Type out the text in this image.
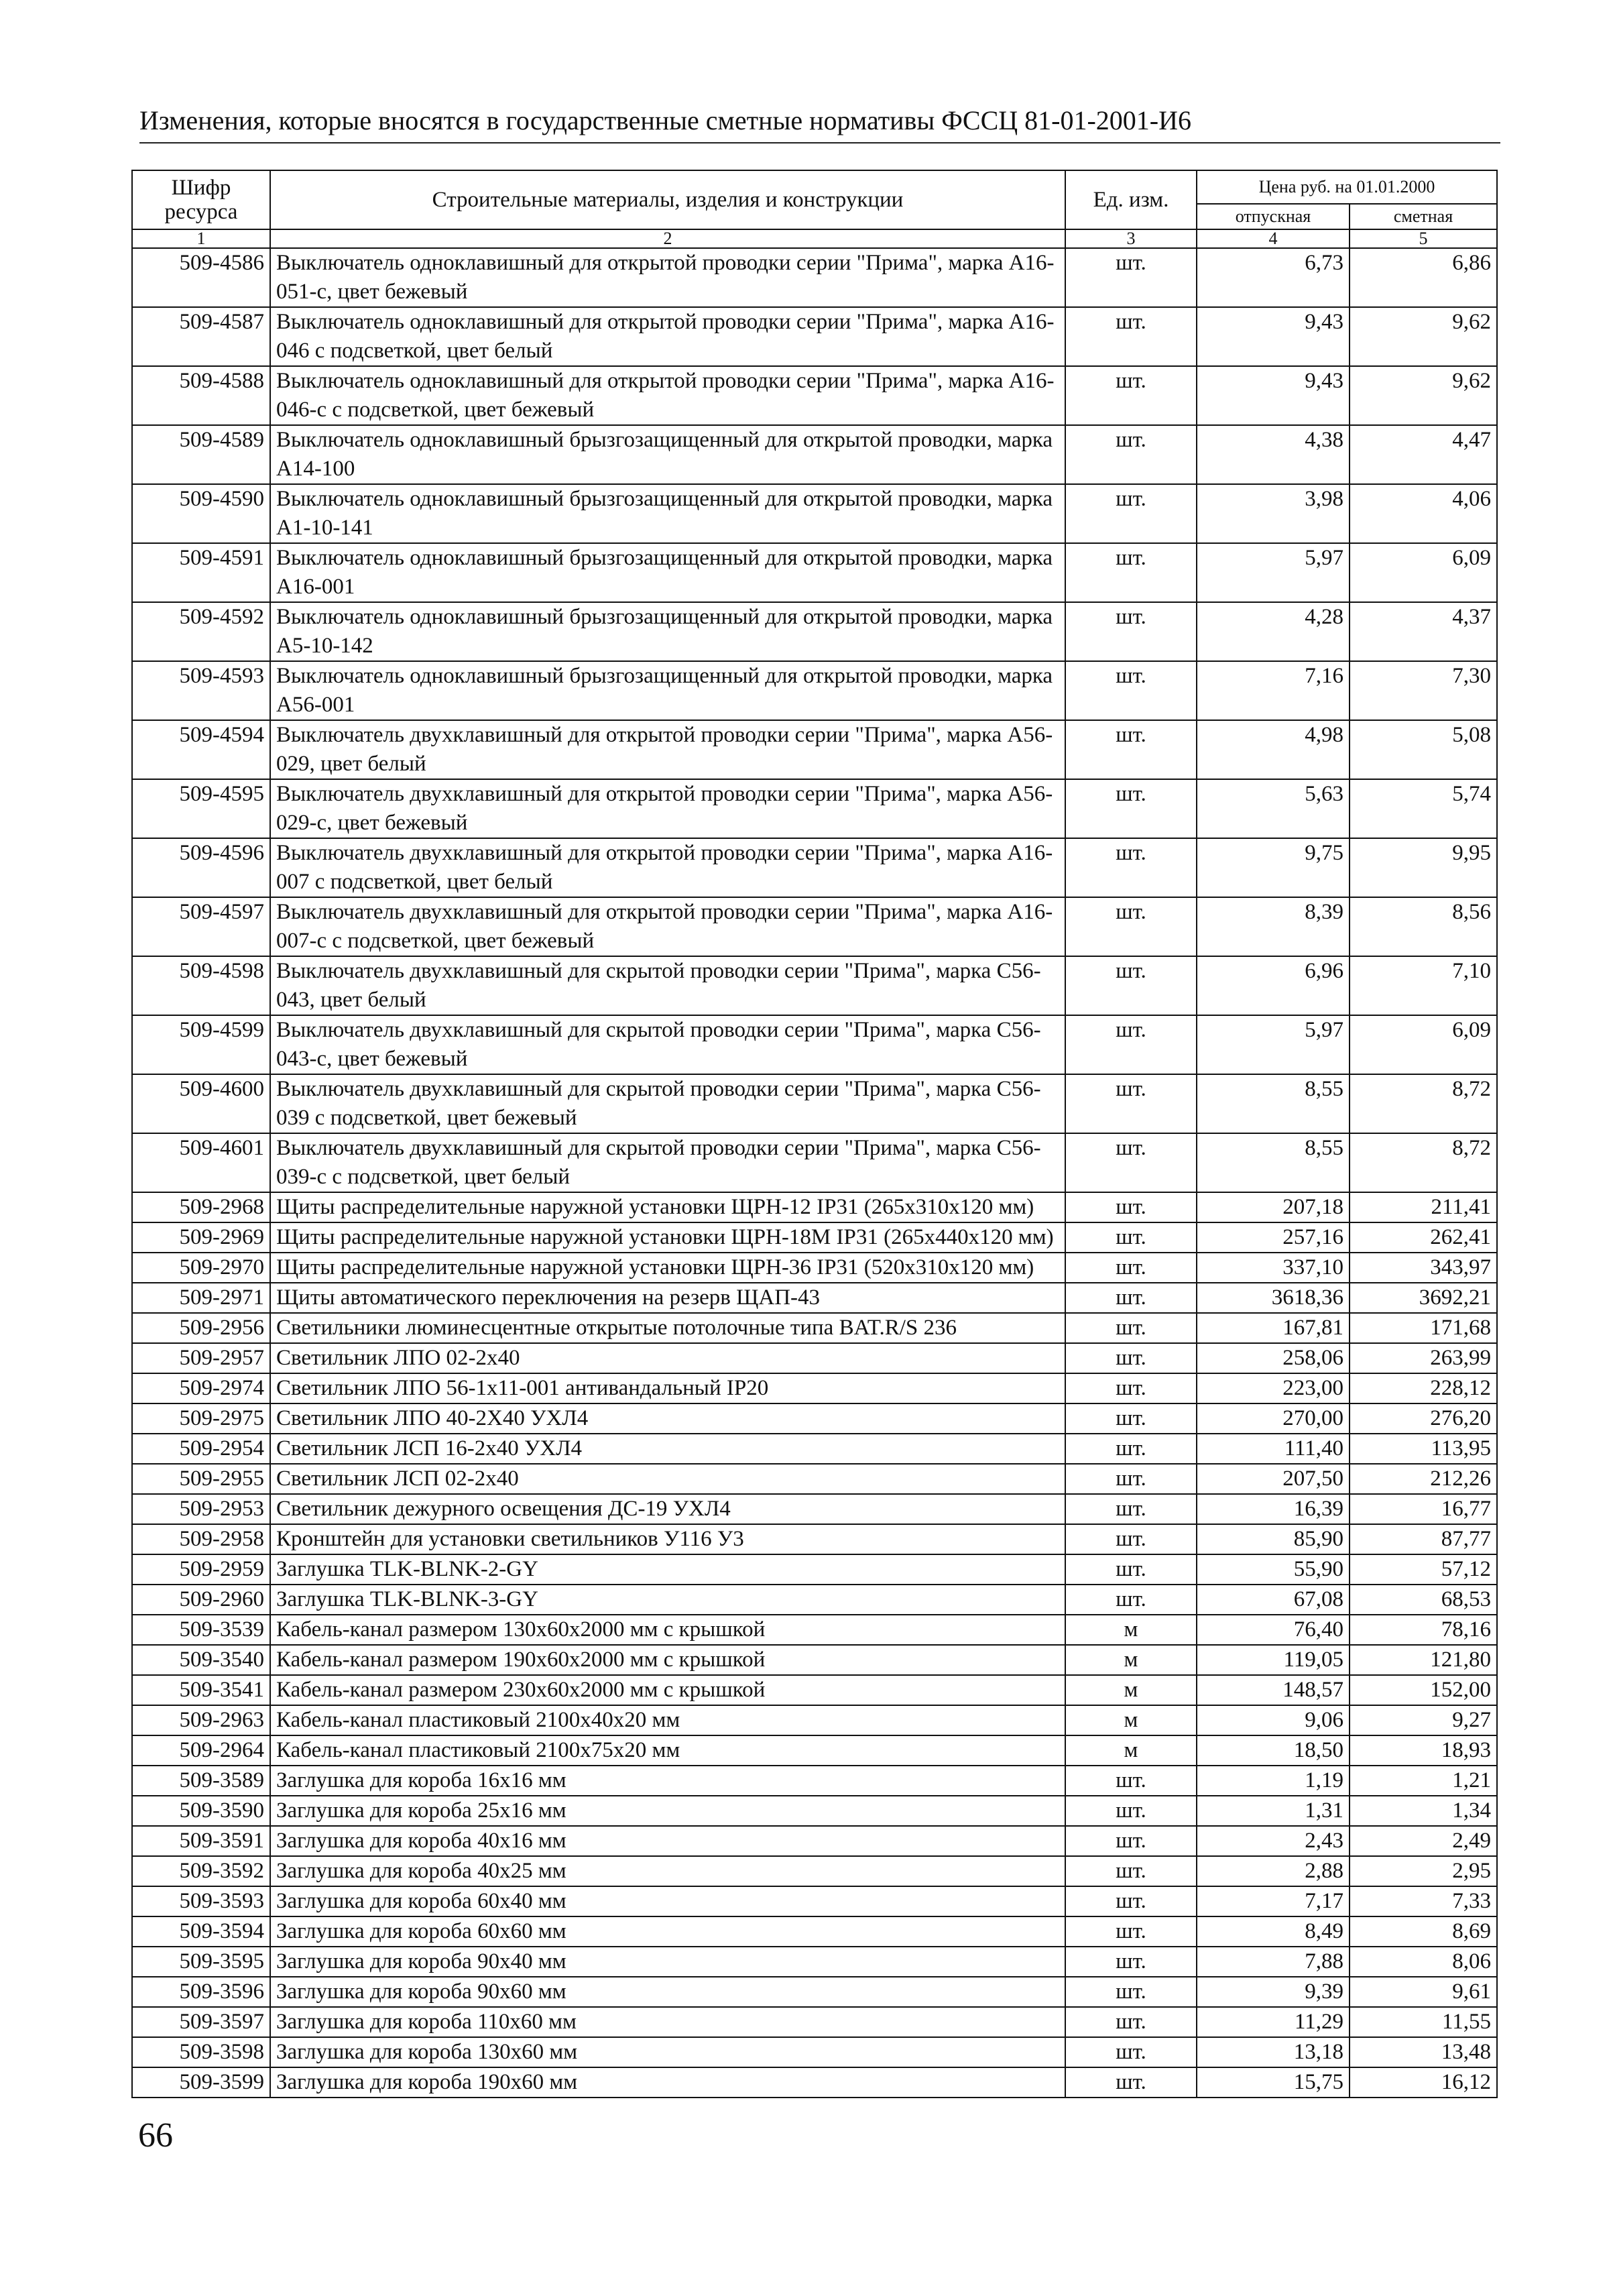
Изменения, которые вносятся в государственные сметные нормативы ФССЦ 81-01-2001-И6
Шифр ресурса	Строительные материалы, изделия и конструкции	Ед. изм.	Цена руб. на 01.01.2000	
			отпускная	сметная
1	2	3	4	5
509-4586	Выключатель одноклавишный для открытой проводки серии "Прима", марка А16-051-с, цвет бежевый	шт.	6,73	6,86
509-4587	Выключатель одноклавишный для открытой проводки серии "Прима", марка А16-046 с подсветкой, цвет белый	шт.	9,43	9,62
509-4588	Выключатель одноклавишный для открытой проводки серии "Прима", марка А16-046-с с подсветкой, цвет бежевый	шт.	9,43	9,62
509-4589	Выключатель одноклавишный брызгозащищенный для открытой проводки, марка А14-100	шт.	4,38	4,47
509-4590	Выключатель одноклавишный брызгозащищенный для открытой проводки, марка А1-10-141	шт.	3,98	4,06
509-4591	Выключатель одноклавишный брызгозащищенный для открытой проводки, марка А16-001	шт.	5,97	6,09
509-4592	Выключатель одноклавишный брызгозащищенный для открытой проводки, марка А5-10-142	шт.	4,28	4,37
509-4593	Выключатель одноклавишный брызгозащищенный для открытой проводки, марка А56-001	шт.	7,16	7,30
509-4594	Выключатель двухклавишный для открытой проводки серии "Прима", марка А56-029, цвет белый	шт.	4,98	5,08
509-4595	Выключатель двухклавишный для открытой проводки серии "Прима", марка А56-029-с, цвет бежевый	шт.	5,63	5,74
509-4596	Выключатель двухклавишный для открытой проводки серии "Прима", марка А16-007 с подсветкой, цвет белый	шт.	9,75	9,95
509-4597	Выключатель двухклавишный для открытой проводки серии "Прима", марка А16-007-с с подсветкой, цвет бежевый	шт.	8,39	8,56
509-4598	Выключатель двухклавишный для скрытой проводки серии "Прима", марка С56-043, цвет белый	шт.	6,96	7,10
509-4599	Выключатель двухклавишный для скрытой проводки серии "Прима", марка С56-043-с, цвет бежевый	шт.	5,97	6,09
509-4600	Выключатель двухклавишный для скрытой проводки серии "Прима", марка С56-039 с подсветкой, цвет бежевый	шт.	8,55	8,72
509-4601	Выключатель двухклавишный для скрытой проводки серии "Прима", марка С56-039-с с подсветкой, цвет белый	шт.	8,55	8,72
509-2968	Щиты распределительные наружной установки ЩРН-12 IP31 (265х310х120 мм)	шт.	207,18	211,41
509-2969	Щиты распределительные наружной установки ЩРН-18М IP31 (265х440х120 мм)	шт.	257,16	262,41
509-2970	Щиты распределительные наружной установки ЩРН-36 IP31 (520х310х120 мм)	шт.	337,10	343,97
509-2971	Щиты автоматического переключения на резерв ЩАП-43	шт.	3618,36	3692,21
509-2956	Светильники люминесцентные открытые потолочные типа BAT.R/S 236	шт.	167,81	171,68
509-2957	Светильник ЛПО 02-2х40	шт.	258,06	263,99
509-2974	Светильник ЛПО 56-1х11-001 антивандальный IP20	шт.	223,00	228,12
509-2975	Светильник ЛПО 40-2Х40 УХЛ4	шт.	270,00	276,20
509-2954	Светильник ЛСП 16-2х40 УХЛ4	шт.	111,40	113,95
509-2955	Светильник ЛСП 02-2х40	шт.	207,50	212,26
509-2953	Светильник дежурного освещения ДС-19 УХЛ4	шт.	16,39	16,77
509-2958	Кронштейн для установки светильников У116 У3	шт.	85,90	87,77
509-2959	Заглушка TLK-BLNK-2-GY	шт.	55,90	57,12
509-2960	Заглушка TLK-BLNK-3-GY	шт.	67,08	68,53
509-3539	Кабель-канал размером 130х60х2000 мм с крышкой	м	76,40	78,16
509-3540	Кабель-канал размером 190х60х2000 мм с крышкой	м	119,05	121,80
509-3541	Кабель-канал размером 230х60х2000 мм с крышкой	м	148,57	152,00
509-2963	Кабель-канал пластиковый 2100х40х20 мм	м	9,06	9,27
509-2964	Кабель-канал пластиковый 2100х75х20 мм	м	18,50	18,93
509-3589	Заглушка для короба 16х16 мм	шт.	1,19	1,21
509-3590	Заглушка для короба 25х16 мм	шт.	1,31	1,34
509-3591	Заглушка для короба 40х16 мм	шт.	2,43	2,49
509-3592	Заглушка для короба 40х25 мм	шт.	2,88	2,95
509-3593	Заглушка для короба 60х40 мм	шт.	7,17	7,33
509-3594	Заглушка для короба 60х60 мм	шт.	8,49	8,69
509-3595	Заглушка для короба 90х40 мм	шт.	7,88	8,06
509-3596	Заглушка для короба 90х60 мм	шт.	9,39	9,61
509-3597	Заглушка для короба 110х60 мм	шт.	11,29	11,55
509-3598	Заглушка для короба 130х60 мм	шт.	13,18	13,48
509-3599	Заглушка для короба 190х60 мм	шт.	15,75	16,12
66
